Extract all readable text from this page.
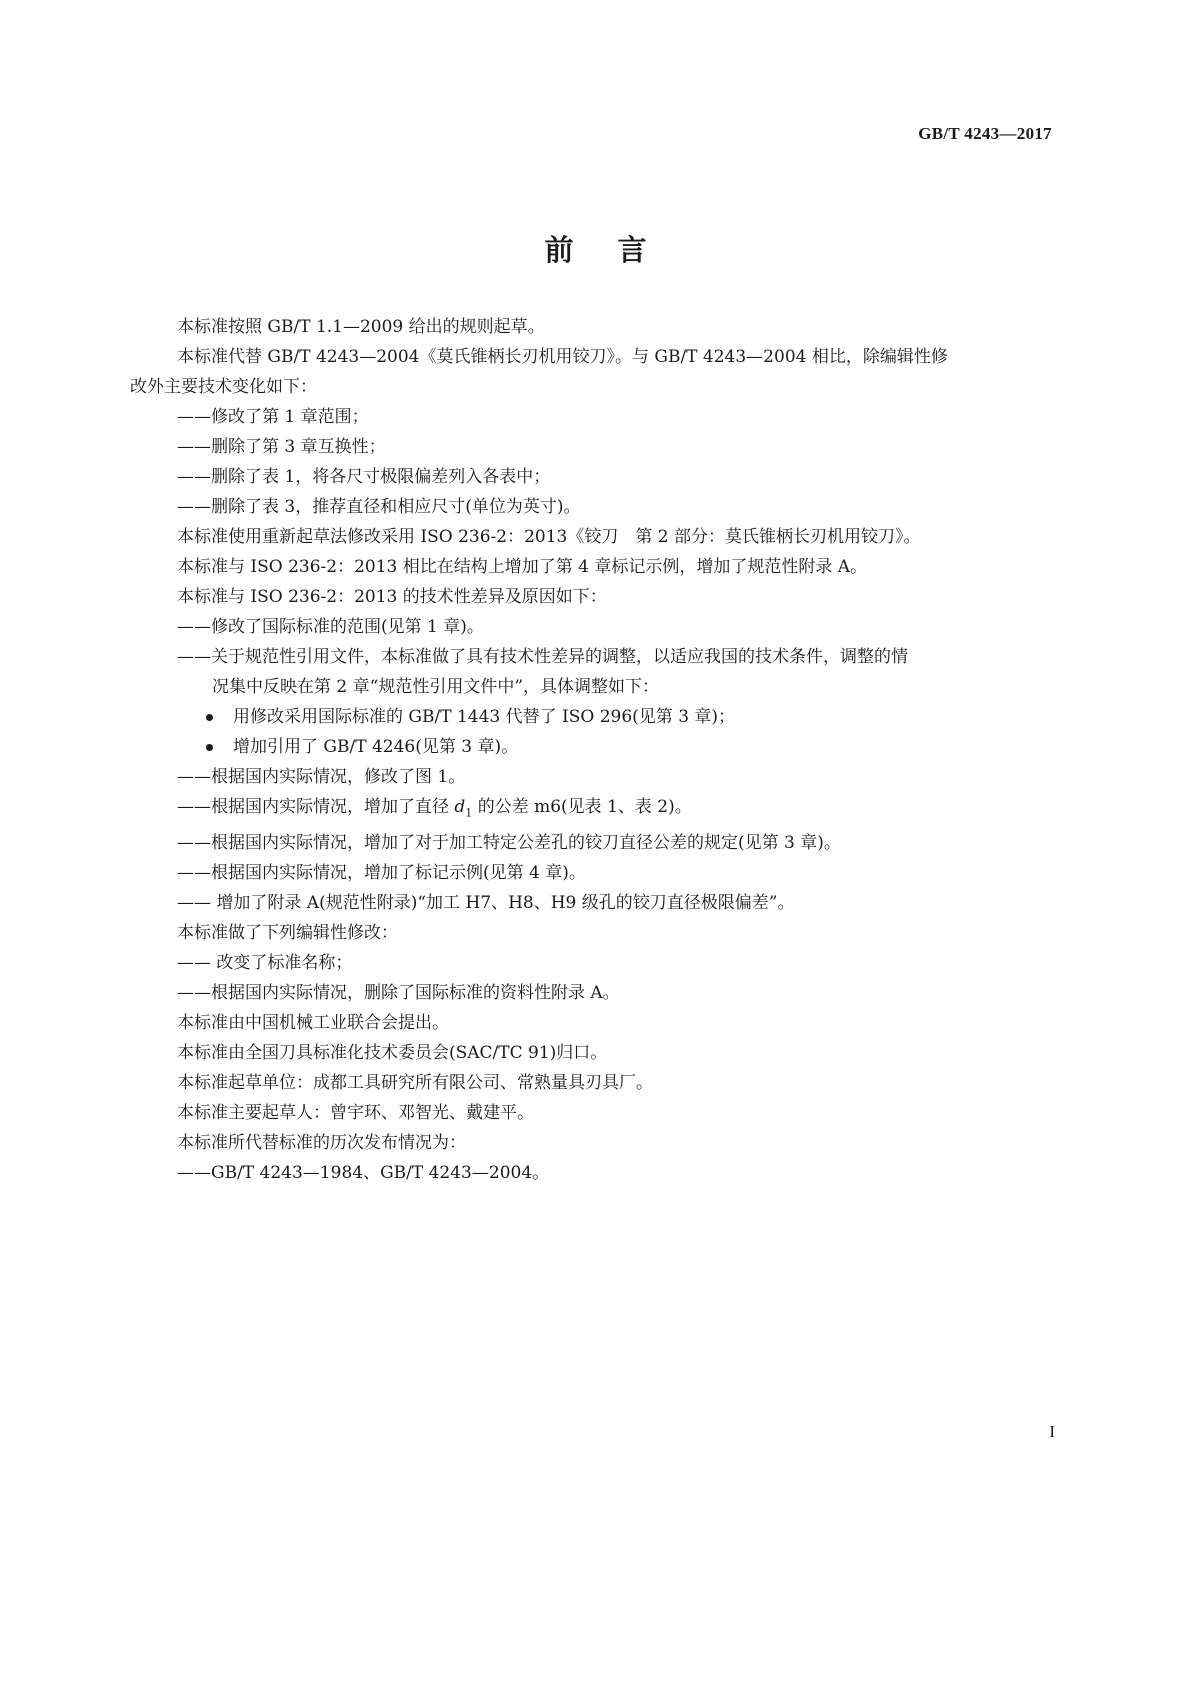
GB/T 4243—2017
前言

本标准按照 GB/T 1.1—2009 给出的规则起草。

本标准代替 GB/T 4243—2004《莫氏锥柄长刃机用铰刀》。与 GB/T 4243—2004 相比，除编辑性修

改外主要技术变化如下：

——修改了第 1 章范围；

——删除了第 3 章互换性；

——删除了表 1，将各尺寸极限偏差列入各表中；

——删除了表 3，推荐直径和相应尺寸(单位为英寸)。

本标准使用重新起草法修改采用 ISO 236-2：2013《铰刀　第 2 部分：莫氏锥柄长刃机用铰刀》。

本标准与 ISO 236-2：2013 相比在结构上增加了第 4 章标记示例，增加了规范性附录 A。

本标准与 ISO 236-2：2013 的技术性差异及原因如下：

——修改了国际标准的范围(见第 1 章)。

——关于规范性引用文件，本标准做了具有技术性差异的调整，以适应我国的技术条件，调整的情

况集中反映在第 2 章“规范性引用文件中”，具体调整如下：

用修改采用国际标准的 GB/T 1443 代替了 ISO 296(见第 3 章)；

增加引用了 GB/T 4246(见第 3 章)。

——根据国内实际情况，修改了图 1。

——根据国内实际情况，增加了直径 $d_1$ 的公差 m6(见表 1、表 2)。

——根据国内实际情况，增加了对于加工特定公差孔的铰刀直径公差的规定(见第 3 章)。

——根据国内实际情况，增加了标记示例(见第 4 章)。

—— 增加了附录 A(规范性附录)“加工 H7、H8、H9 级孔的铰刀直径极限偏差”。

本标准做了下列编辑性修改：

—— 改变了标准名称；

——根据国内实际情况，删除了国际标准的资料性附录 A。

本标准由中国机械工业联合会提出。

本标准由全国刀具标准化技术委员会(SAC/TC 91)归口。

本标准起草单位：成都工具研究所有限公司、常熟量具刃具厂。

本标准主要起草人：曾宇环、邓智光、戴建平。

本标准所代替标准的历次发布情况为：

——GB/T 4243—1984、GB/T 4243—2004。

I
